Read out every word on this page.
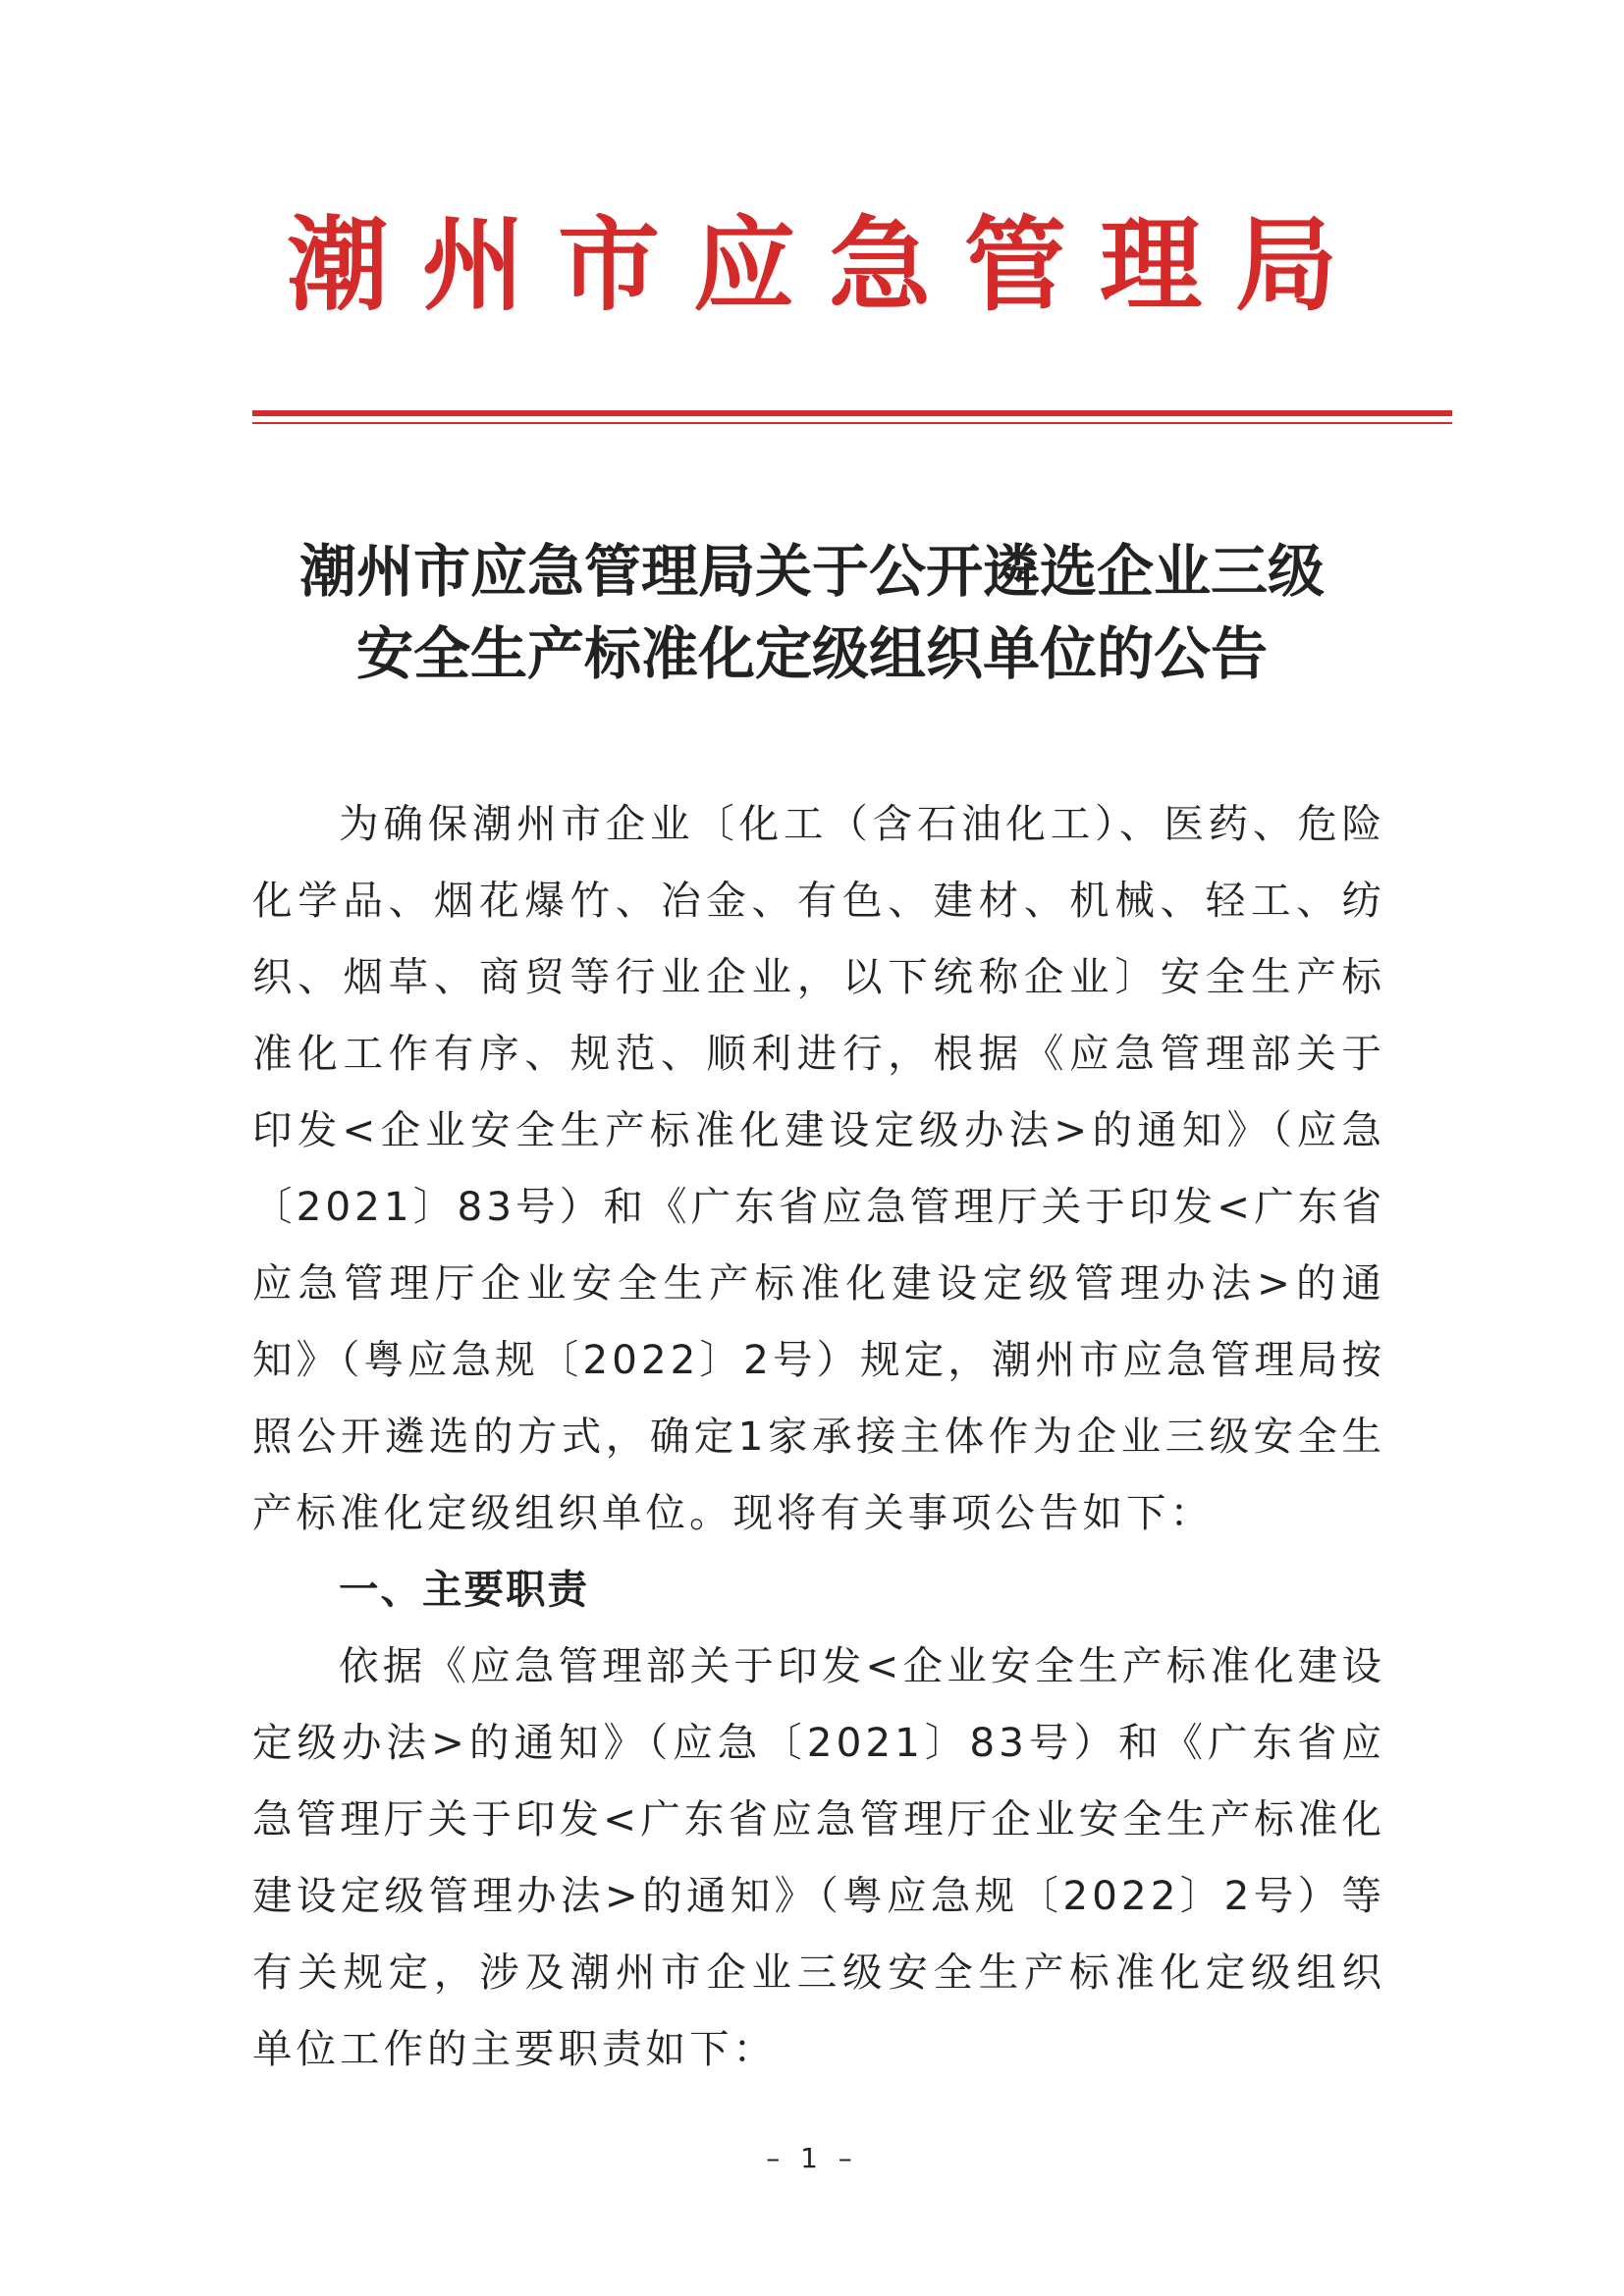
潮州市应急管理局
潮州市应急管理局关于公开遴选企业三级
安全生产标准化定级组织单位的公告

为确保潮州市企业〔化工（含石油化工）、医药、危险化学品、烟花爆竹、冶金、有色、建材、机械、轻工、纺织、烟草、商贸等行业企业，以下统称企业〕安全生产标准化工作有序、规范、顺利进行，根据《应急管理部关于印发<企业安全生产标准化建设定级办法>的通知》（应急〔2021〕83号）和《广东省应急管理厅关于印发<广东省应急管理厅企业安全生产标准化建设定级管理办法>的通知》（粤应急规〔2022〕2号）规定，潮州市应急管理局按照公开遴选的方式，确定1家承接主体作为企业三级安全生产标准化定级组织单位。现将有关事项公告如下：

一、主要职责

依据《应急管理部关于印发<企业安全生产标准化建设定级办法>的通知》（应急〔2021〕83号）和《广东省应急管理厅关于印发<广东省应急管理厅企业安全生产标准化建设定级管理办法>的通知》（粤应急规〔2022〕2号）等有关规定，涉及潮州市企业三级安全生产标准化定级组织单位工作的主要职责如下：

– 1 –
